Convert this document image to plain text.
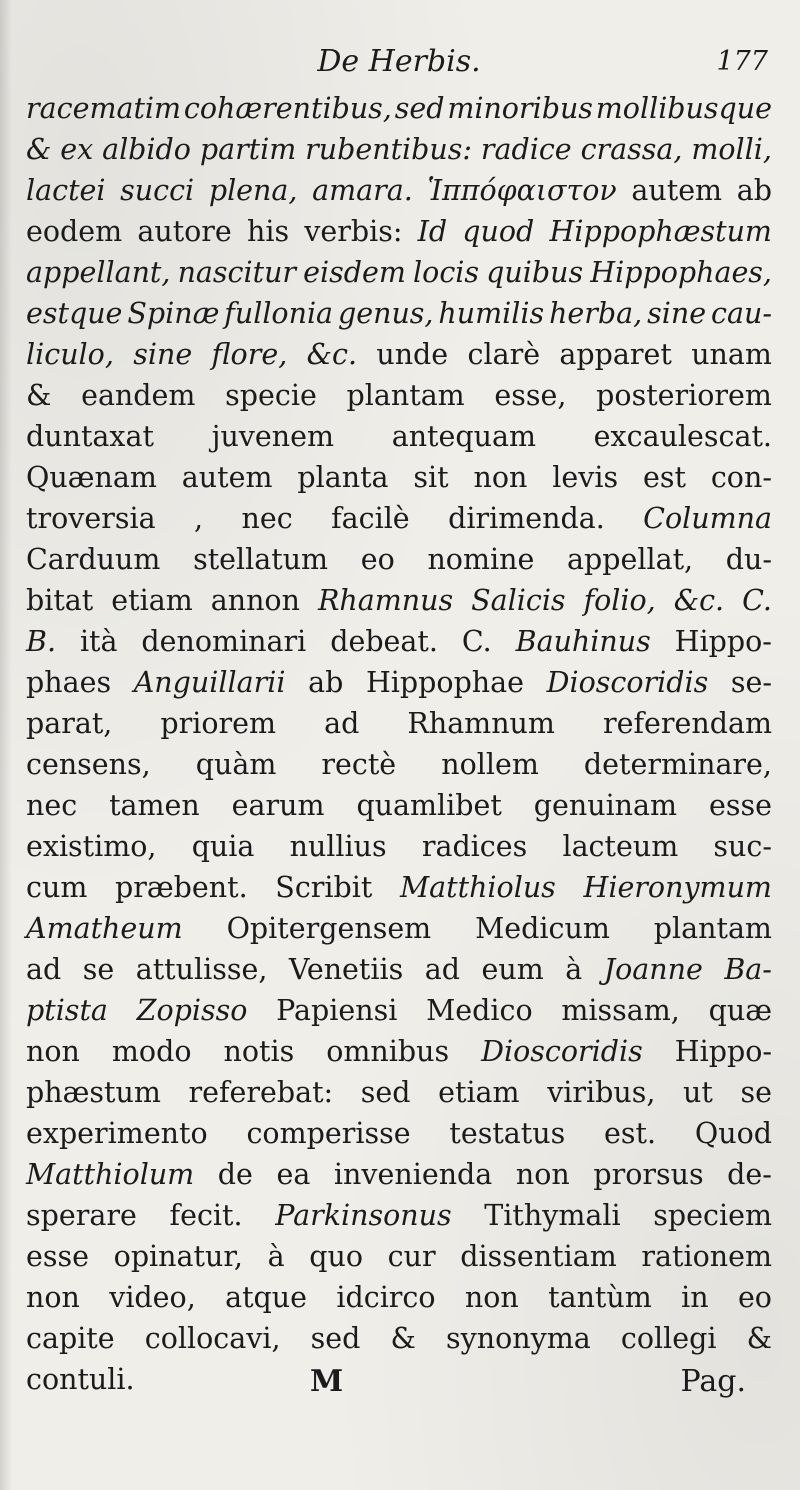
De Herbis.	177
racematim cohærentibus, sed minoribus mollibusque
& ex albido partim rubentibus: radice crassa, molli,
lactei succi plena, amara. Ἱππόφαιστον autem ab
eodem autore his verbis: Id quod Hippophæstum
appellant, nascitur eisdem locis quibus Hippophaes,
estque Spinæ fullonia genus, humilis herba, sine cau-
liculo, sine flore, &c. unde clarè apparet unam
& eandem speciе plantam esse, posteriorem
duntaxat juvenem antequam excaulescat.
Quænam autem planta sit non levis est con-
troversia , nec facilè dirimenda. Columna
Carduum stellatum eo nomine appellat, du-
bitat etiam annon Rhamnus Salicis folio, &c. C.
B. ità denominari debeat. C. Bauhinus Hippo-
phaes Anguillarii ab Hippophae Dioscoridis se-
parat, priorem ad Rhamnum referendam
censens, quàm rectè nollem determinare,
nec tamen earum quamlibet genuinam esse
existimo, quia nullius radices lacteum suc-
cum præbent. Scribit Matthiolus Hieronymum
Amatheum Opitergensem Medicum plantam
ad se attulisse, Venetiis ad eum à Joanne Ba-
ptista Zopisso Papiensi Medico missam, quæ
non modo notis omnibus Dioscoridis Hippo-
phæstum referebat: sed etiam viribus, ut se
experimento comperisse testatus est. Quod
Matthiolum de ea invenienda non prorsus de-
sperare fecit. Parkinsonus Tithymali speciem
esse opinatur, à quo cur dissentiam rationem
non video, atque idcirco non tantùm in eo
capite collocavi, sed & synonyma collegi &
contuli.	M	Pag.
